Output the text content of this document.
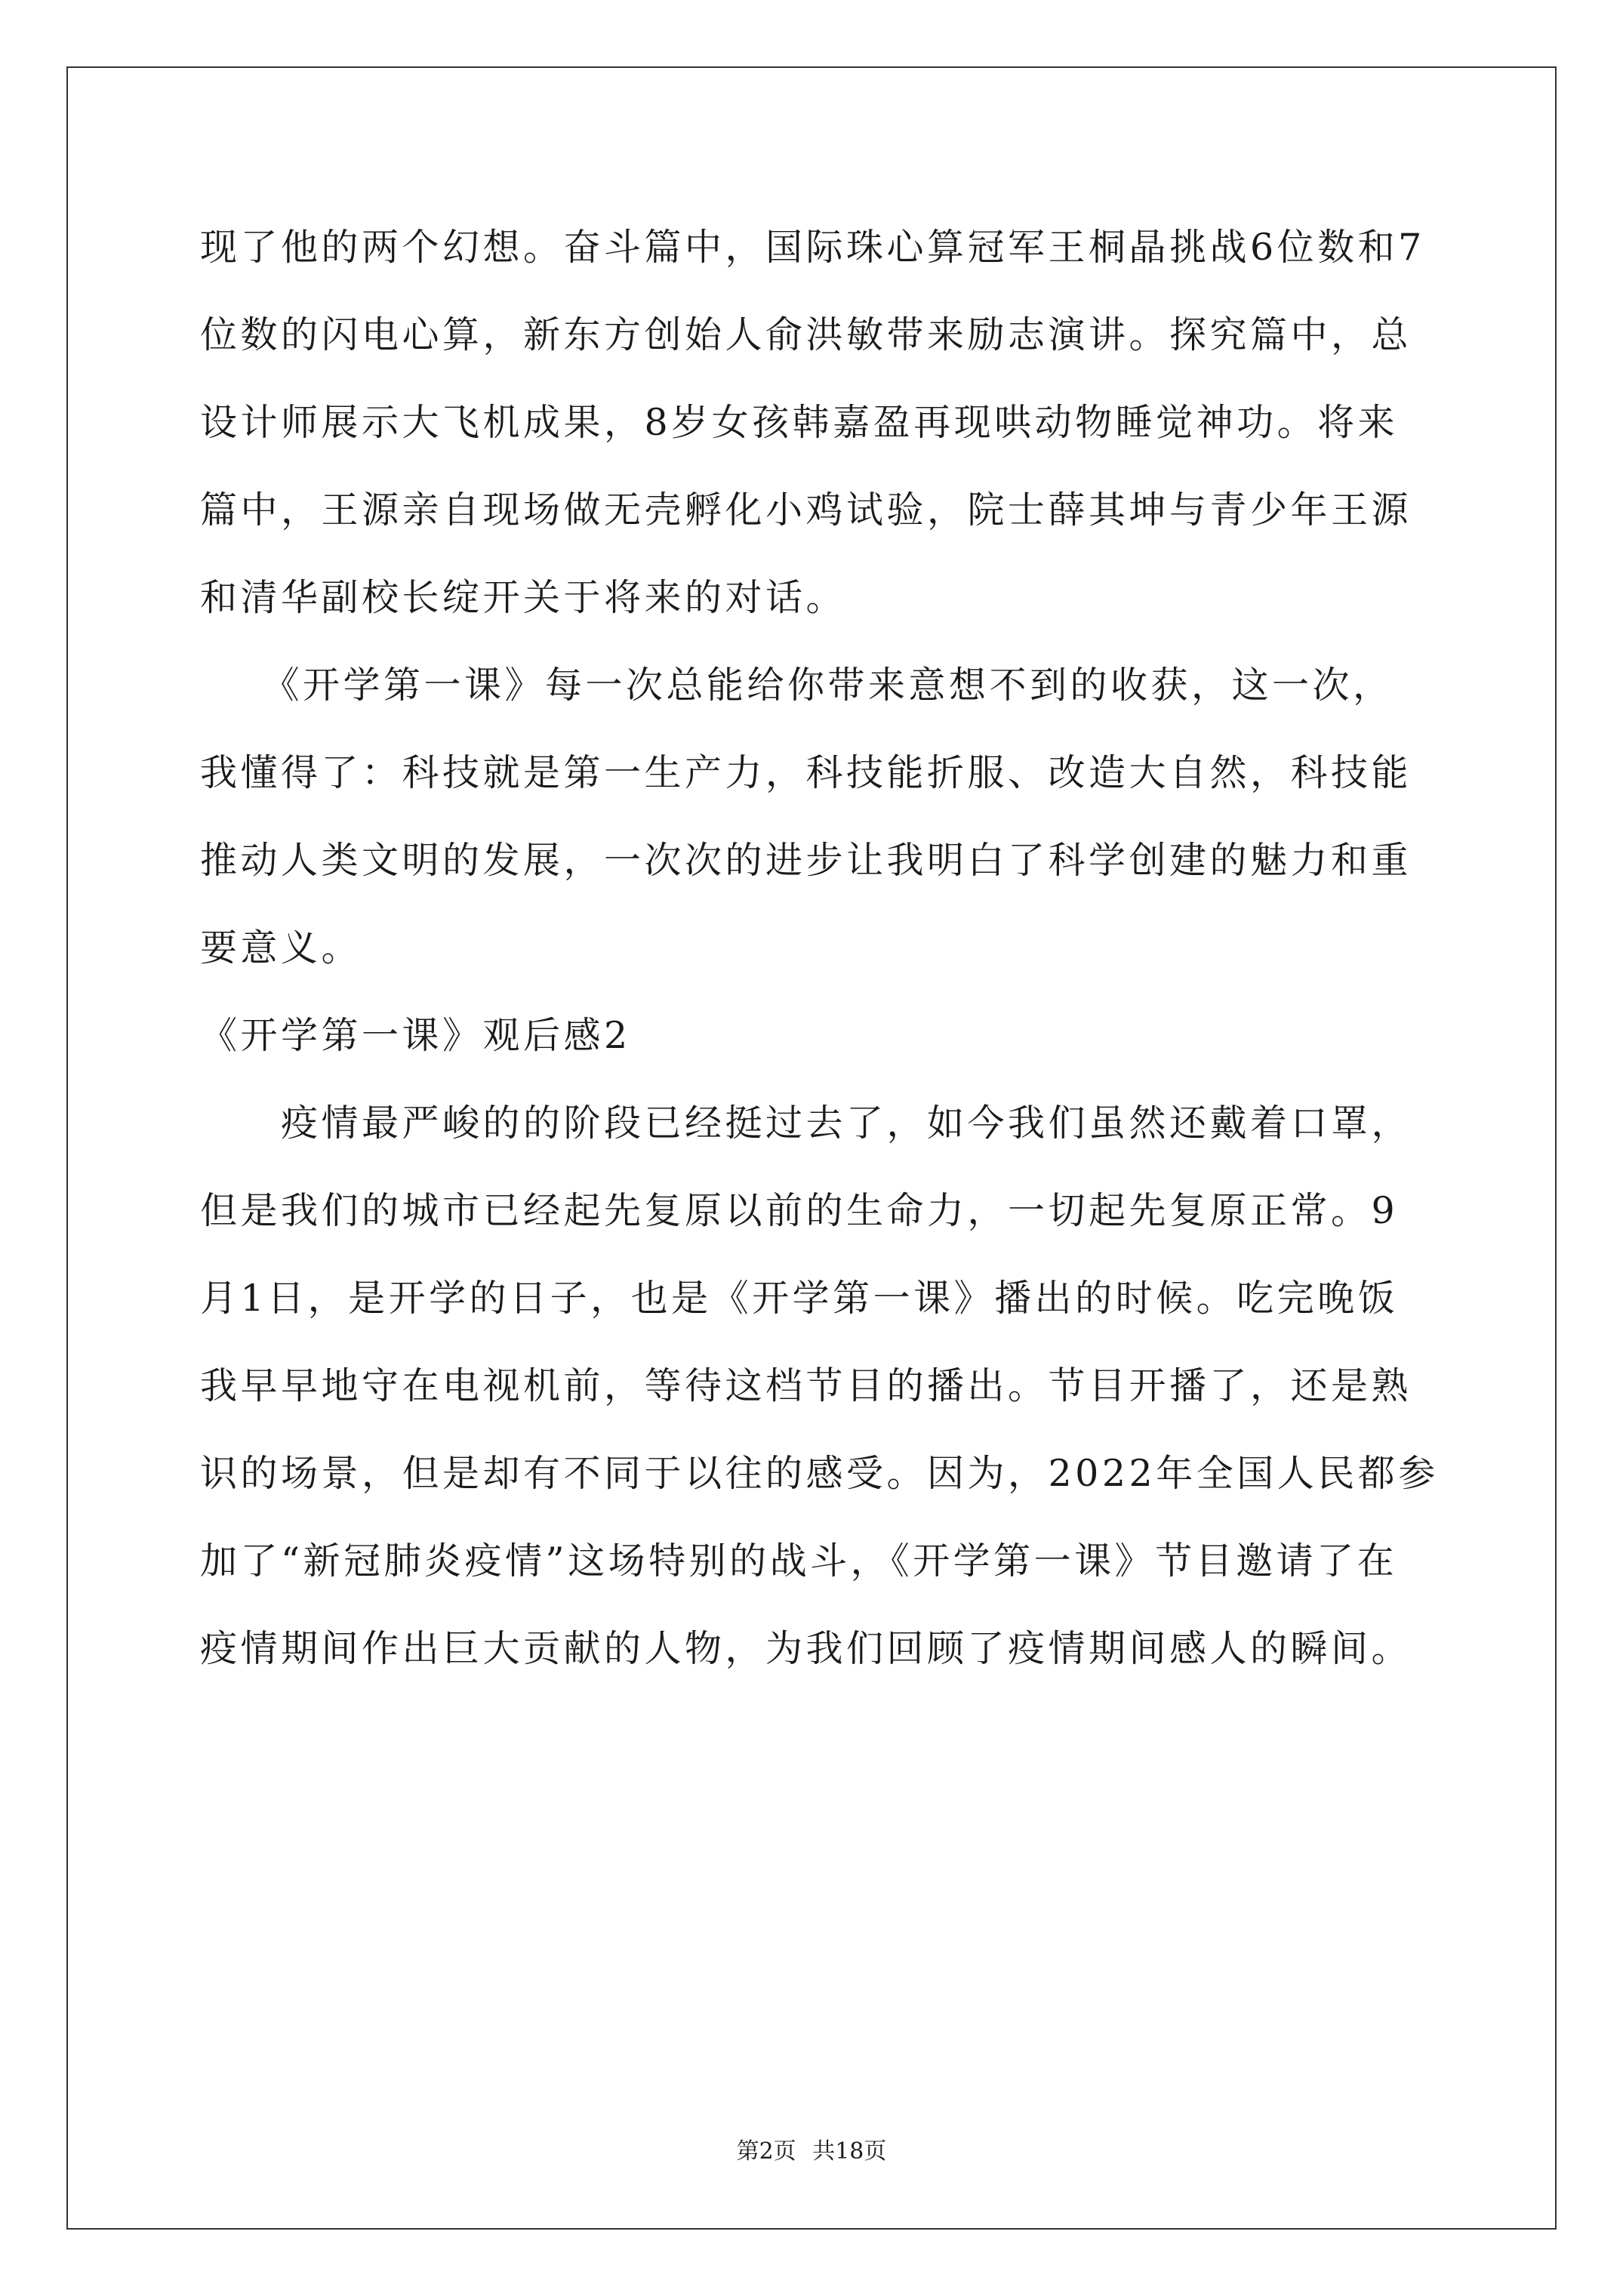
现了他的两个幻想。奋斗篇中，国际珠心算冠军王桐晶挑战6位数和7
位数的闪电心算，新东方创始人俞洪敏带来励志演讲。探究篇中，总
设计师展示大飞机成果，8岁女孩韩嘉盈再现哄动物睡觉神功。将来
篇中，王源亲自现场做无壳孵化小鸡试验，院士薛其坤与青少年王源
和清华副校长绽开关于将来的对话。
　　《开学第一课》每一次总能给你带来意想不到的收获，这一次，
我懂得了：科技就是第一生产力，科技能折服、改造大自然，科技能
推动人类文明的发展，一次次的进步让我明白了科学创建的魅力和重
要意义。
《开学第一课》观后感2
　　疫情最严峻的的阶段已经挺过去了，如今我们虽然还戴着口罩，
但是我们的城市已经起先复原以前的生命力，一切起先复原正常。9
月1日，是开学的日子，也是《开学第一课》播出的时候。吃完晚饭
我早早地守在电视机前，等待这档节目的播出。节目开播了，还是熟
识的场景，但是却有不同于以往的感受。因为，2022年全国人民都参
加了“新冠肺炎疫情”这场特别的战斗，《开学第一课》节目邀请了在
疫情期间作出巨大贡献的人物，为我们回顾了疫情期间感人的瞬间。
第2页 共18页
